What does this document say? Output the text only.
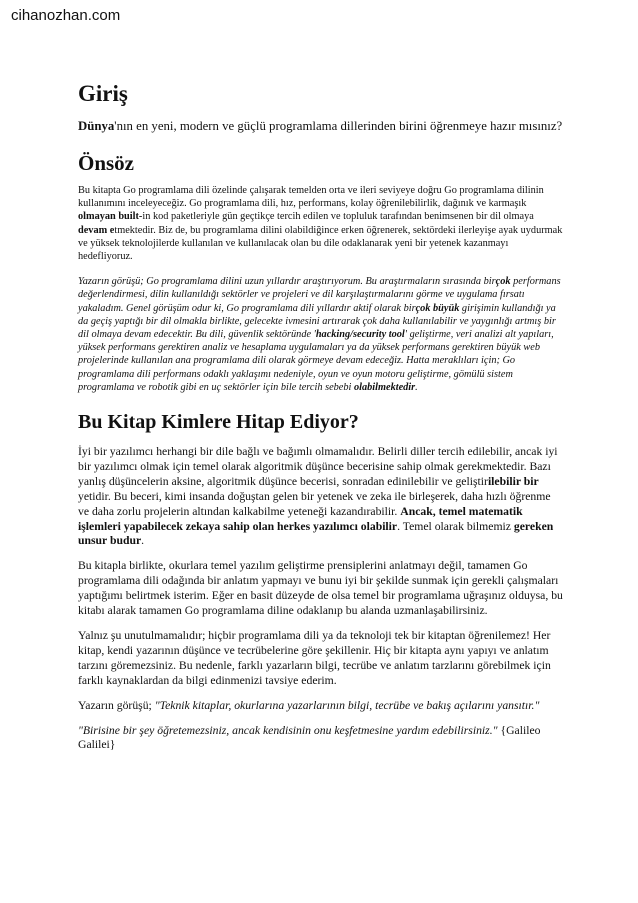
cihanozhan.com
Giriş

Dünya'nın en yeni, modern ve güçlü programlama dillerinden birini öğrenmeye hazır mısınız?

Önsöz

Bu kitapta Go programlama dili özelinde çalışarak temelden orta ve ileri seviyeye doğru Go programlama dilinin kullanımını inceleyeceğiz. Go programlama dili, hız, performans, kolay öğrenilebilirlik, dağınık ve karmaşık olmayan built-in kod paketleriyle gün geçtikçe tercih edilen ve topluluk tarafından benimsenen bir dil olmaya devam etmektedir. Biz de, bu programlama dilini olabildiğince erken öğrenerek, sektördeki ilerleyişe ayak uydurmak ve yüksek teknolojilerde kullanılan ve kullanılacak olan bu dile odaklanarak yeni bir yetenek kazanmayı hedefliyoruz.

Yazarın görüşü; Go programlama dilini uzun yıllardır araştırıyorum. Bu araştırmaların sırasında birçok performans değerlendirmesi, dilin kullanıldığı sektörler ve projeleri ve dil karşılaştırmalarını görme ve uygulama fırsatı yakaladım. Genel görüşüm odur ki, Go programlama dili yıllardır aktif olarak birçok büyük girişimin kullandığı ya da geçiş yaptığı bir dil olmakla birlikte, gelecekte ivmesini artırarak çok daha kullanılabilir ve yaygınlığı artmış bir dil olmaya devam edecektir. Bu dili, güvenlik sektöründe 'hacking/security tool' geliştirme, veri analizi alt yapıları, yüksek performans gerektiren analiz ve hesaplama uygulamaları ya da yüksek performans gerektiren büyük web projelerinde kullanılan ana programlama dili olarak görmeye devam edeceğiz. Hatta meraklıları için; Go programlama dili performans odaklı yaklaşımı nedeniyle, oyun ve oyun motoru geliştirme, gömülü sistem programlama ve robotik gibi en uç sektörler için bile tercih sebebi olabilmektedir.

Bu Kitap Kimlere Hitap Ediyor?

İyi bir yazılımcı herhangi bir dile bağlı ve bağımlı olmamalıdır. Belirli diller tercih edilebilir, ancak iyi bir yazılımcı olmak için temel olarak algoritmik düşünce becerisine sahip olmak gerekmektedir. Bazı yanlış düşüncelerin aksine, algoritmik düşünce becerisi, sonradan edinilebilir ve geliştirilebilir bir yetidir. Bu beceri, kimi insanda doğuştan gelen bir yetenek ve zeka ile birleşerek, daha hızlı öğrenme ve daha zorlu projelerin altından kalkabilme yeteneği kazandırabilir. Ancak, temel matematik işlemleri yapabilecek zekaya sahip olan herkes yazılımcı olabilir. Temel olarak bilmemiz gereken unsur budur.

Bu kitapla birlikte, okurlara temel yazılım geliştirme prensiplerini anlatmayı değil, tamamen Go programlama dili odağında bir anlatım yapmayı ve bunu iyi bir şekilde sunmak için gerekli çalışmaları yaptığımı belirtmek isterim. Eğer en basit düzeyde de olsa temel bir programlama uğraşınız olduysa, bu kitabı alarak tamamen Go programlama diline odaklanıp bu alanda uzmanlaşabilirsiniz.

Yalnız şu unutulmamalıdır; hiçbir programlama dili ya da teknoloji tek bir kitaptan öğrenilemez! Her kitap, kendi yazarının düşünce ve tecrübelerine göre şekillenir. Hiç bir kitapta aynı yapıyı ve anlatım tarzını göremezsiniz. Bu nedenle, farklı yazarların bilgi, tecrübe ve anlatım tarzlarını görebilmek için farklı kaynaklardan da bilgi edinmenizi tavsiye ederim.

Yazarın görüşü; "Teknik kitaplar, okurlarına yazarlarının bilgi, tecrübe ve bakış açılarını yansıtır."

"Birisine bir şey öğretemezsiniz, ancak kendisinin onu keşfetmesine yardım edebilirsiniz." {Galileo Galilei}
